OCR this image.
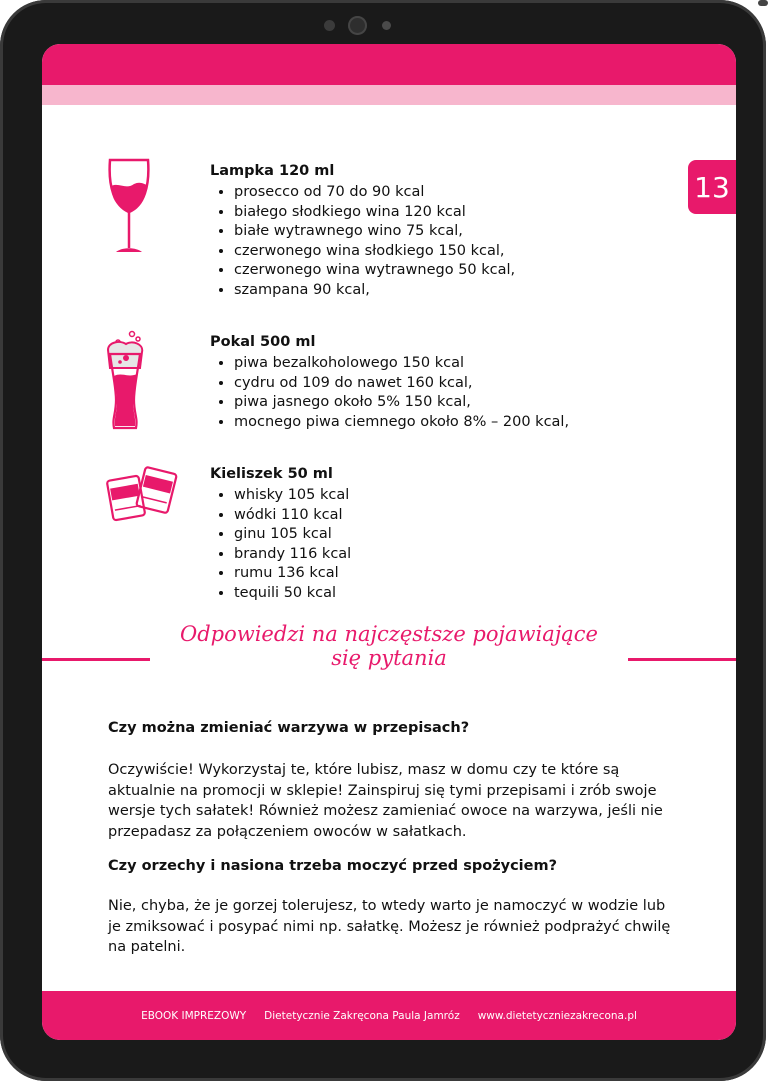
13
Lampka 120 ml
• prosecco od 70 do 90 kcal
• białego słodkiego wina 120 kcal
• białe wytrawnego wino 75 kcal,
• czerwonego wina słodkiego 150 kcal,
• czerwonego wina wytrawnego 50 kcal,
• szampana 90 kcal,
Pokal 500 ml
• piwa bezalkoholowego 150 kcal
• cydru od 109 do nawet 160 kcal,
• piwa jasnego około 5% 150 kcal,
• mocnego piwa ciemnego około 8% – 200 kcal,
Kieliszek 50 ml
• whisky 105 kcal
• wódki 110 kcal
• ginu 105 kcal
• brandy 116 kcal
• rumu 136 kcal
• tequili 50 kcal
Odpowiedzi na najczęstsze pojawiające
się pytania

Czy można zmieniać warzywa w przepisach?

Oczywiście! Wykorzystaj te, które lubisz, masz w domu czy te które są aktualnie na promocji w sklepie! Zainspiruj się tymi przepisami i zrób swoje wersje tych sałatek! Również możesz zamieniać owoce na warzywa, jeśli nie przepadasz za połączeniem owoców w sałatkach.

Czy orzechy i nasiona trzeba moczyć przed spożyciem?

Nie, chyba, że je gorzej tolerujesz, to wtedy warto je namoczyć w wodzie lub je zmiksować i posypać nimi np. sałatkę. Możesz je również podprażyć chwilę na patelni.

EBOOK IMPREZOWY Dietetycznie Zakręcona Paula Jamróz www.dietetyczniezakrecona.pl
